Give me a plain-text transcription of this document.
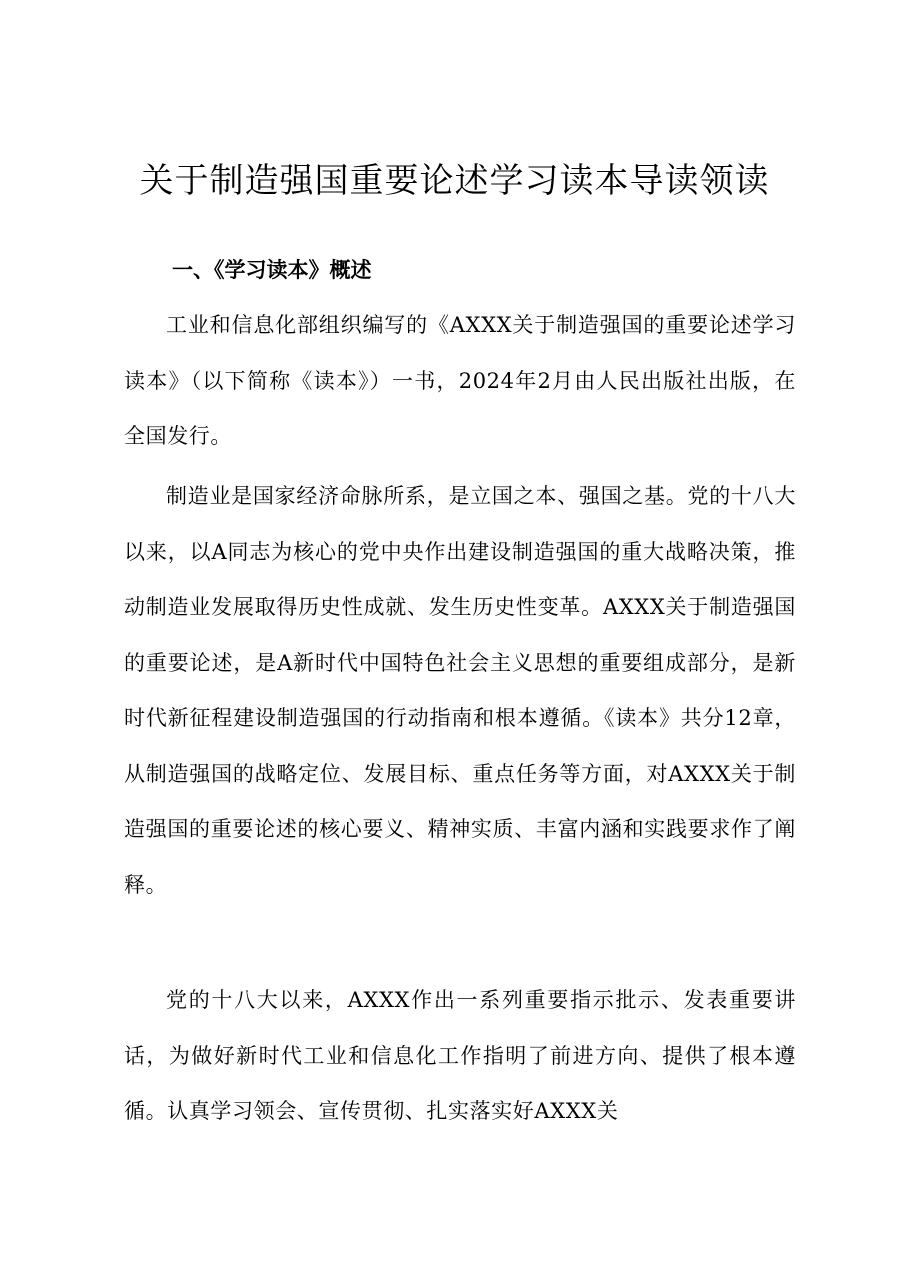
关于制造强国重要论述学习读本导读领读
一、《学习读本》概述

工业和信息化部组织编写的《AXXX关于制造强国的重要论述学习读本》（以下简称《读本》）一书，2024年2月由人民出版社出版，在全国发行。

制造业是国家经济命脉所系，是立国之本、强国之基。党的十八大以来，以A同志为核心的党中央作出建设制造强国的重大战略决策，推动制造业发展取得历史性成就、发生历史性变革。AXXX关于制造强国的重要论述，是A新时代中国特色社会主义思想的重要组成部分，是新时代新征程建设制造强国的行动指南和根本遵循。《读本》共分12章，从制造强国的战略定位、发展目标、重点任务等方面，对AXXX关于制造强国的重要论述的核心要义、精神实质、丰富内涵和实践要求作了阐释。

党的十八大以来，AXXX作出一系列重要指示批示、发表重要讲话，为做好新时代工业和信息化工作指明了前进方向、提供了根本遵循。认真学习领会、宣传贯彻、扎实落实好AXXX关
